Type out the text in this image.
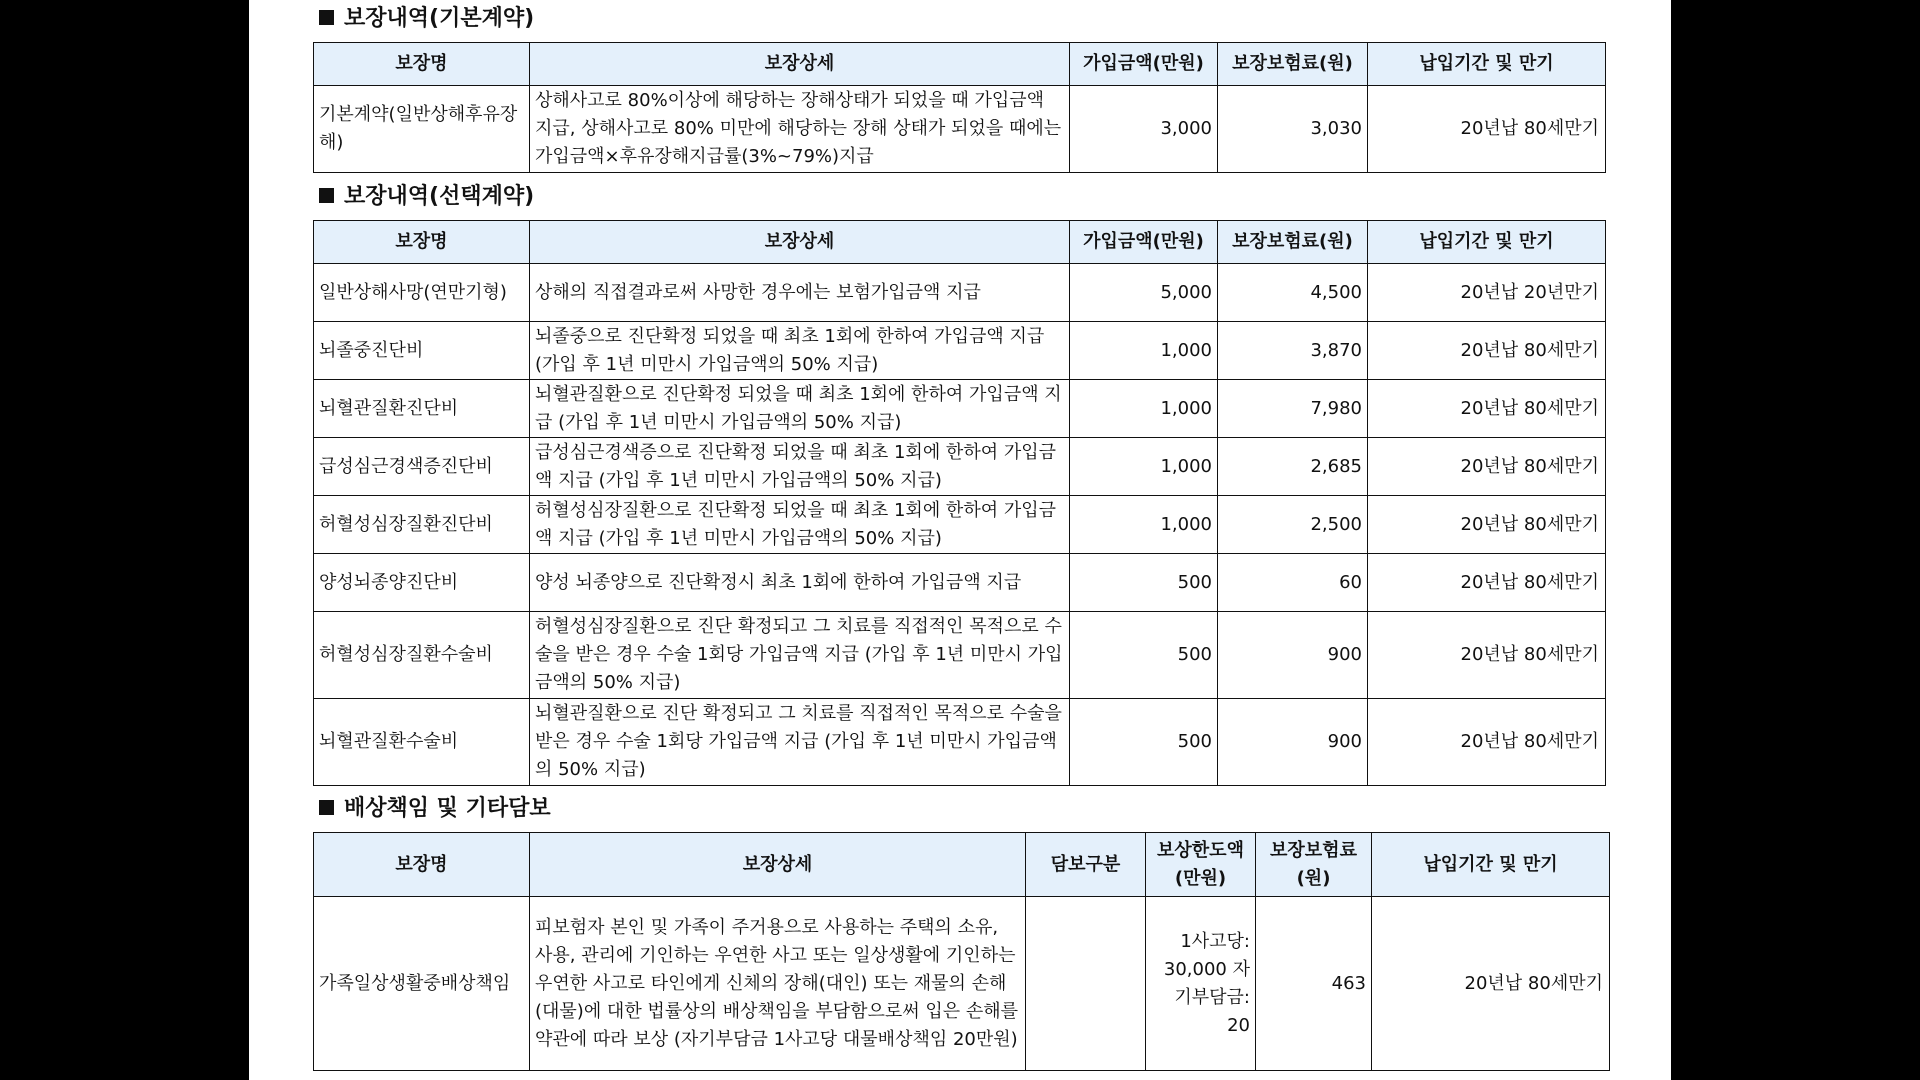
보장내역(기본계약)
보장명	보장상세	가입금액(만원)	보장보험료(원)	납입기간 및 만기
기본계약(일반상해후유장해)	상해사고로 80%이상에 해당하는 장해상태가 되었을 때 가입금액 지급, 상해사고로 80% 미만에 해당하는 장해 상태가 되었을 때에는 가입금액×후유장해지급률(3%~79%)지급	3,000	3,030	20년납 80세만기
보장내역(선택계약)
보장명	보장상세	가입금액(만원)	보장보험료(원)	납입기간 및 만기
일반상해사망(연만기형)	상해의 직접결과로써 사망한 경우에는 보험가입금액 지급	5,000	4,500	20년납 20년만기
뇌졸중진단비	뇌졸중으로 진단확정 되었을 때 최초 1회에 한하여 가입금액 지급 (가입 후 1년 미만시 가입금액의 50% 지급)	1,000	3,870	20년납 80세만기
뇌혈관질환진단비	뇌혈관질환으로 진단확정 되었을 때 최초 1회에 한하여 가입금액 지급 (가입 후 1년 미만시 가입금액의 50% 지급)	1,000	7,980	20년납 80세만기
급성심근경색증진단비	급성심근경색증으로 진단확정 되었을 때 최초 1회에 한하여 가입금액 지급 (가입 후 1년 미만시 가입금액의 50% 지급)	1,000	2,685	20년납 80세만기
허혈성심장질환진단비	허혈성심장질환으로 진단확정 되었을 때 최초 1회에 한하여 가입금액 지급 (가입 후 1년 미만시 가입금액의 50% 지급)	1,000	2,500	20년납 80세만기
양성뇌종양진단비	양성 뇌종양으로 진단확정시 최초 1회에 한하여 가입금액 지급	500	60	20년납 80세만기
허혈성심장질환수술비	허혈성심장질환으로 진단 확정되고 그 치료를 직접적인 목적으로 수술을 받은 경우 수술 1회당 가입금액 지급 (가입 후 1년 미만시 가입금액의 50% 지급)	500	900	20년납 80세만기
뇌혈관질환수술비	뇌혈관질환으로 진단 확정되고 그 치료를 직접적인 목적으로 수술을 받은 경우 수술 1회당 가입금액 지급 (가입 후 1년 미만시 가입금액의 50% 지급)	500	900	20년납 80세만기
배상책임 및 기타담보
보장명	보장상세	담보구분	보상한도액(만원)	보장보험료(원)	납입기간 및 만기
가족일상생활중배상책임	피보험자 본인 및 가족이 주거용으로 사용하는 주택의 소유, 사용, 관리에 기인하는 우연한 사고 또는 일상생활에 기인하는 우연한 사고로 타인에게 신체의 장해(대인) 또는 재물의 손해(대물)에 대한 법률상의 배상책임을 부담함으로써 입은 손해를 약관에 따라 보상 (자기부담금 1사고당 대물배상책임 20만원)		1사고당: 30,000 자기부담금: 20	463	20년납 80세만기
